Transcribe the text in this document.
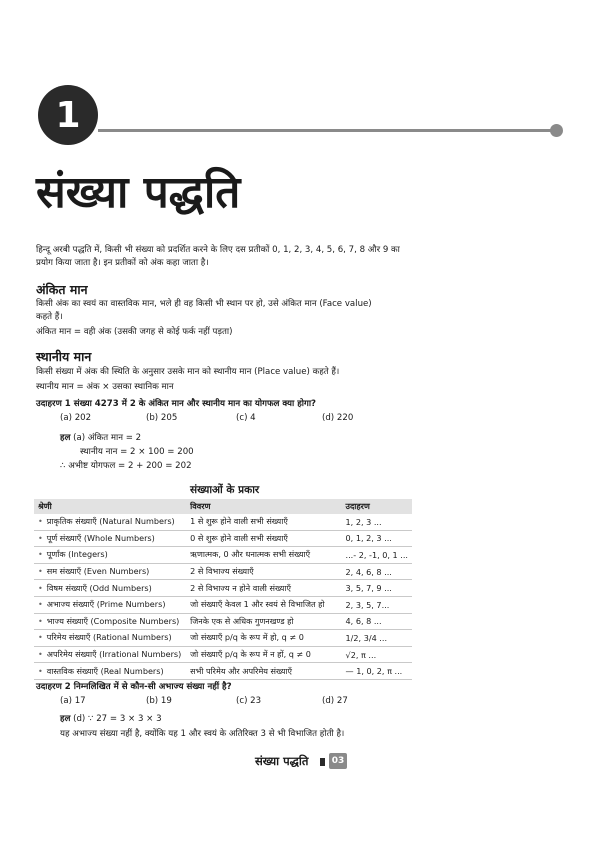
1
संख्या पद्धति
हिन्दू अरबी पद्धति में, किसी भी संख्या को प्रदर्शित करने के लिए दस प्रतीकों 0, 1, 2, 3, 4, 5, 6, 7, 8 और 9 का
प्रयोग किया जाता है। इन प्रतीकों को अंक कहा जाता है।
अंकित मान
किसी अंक का स्वयं का वास्तविक मान, भले ही वह किसी भी स्थान पर हो, उसे अंकित मान (Face value)
कहते हैं।
अंकित मान = वही अंक (उसकी जगह से कोई फर्क नहीं पड़ता)
स्थानीय मान
किसी संख्या में अंक की स्थिति के अनुसार उसके मान को स्थानीय मान (Place value) कहते हैं।
स्थानीय मान = अंक × उसका स्थानिक मान
उदाहरण 1 संख्या 4273 में 2 के अंकित मान और स्थानीय मान का योगफल क्या होगा?
(a) 202	(b) 205	(c) 4	(d) 220
हल (a) अंकित मान = 2
स्थानीय नान = 2 × 100 = 200
∴ अभीष्ट योगफल = 2 + 200 = 202
संख्याओं के प्रकार
श्रेणी	विवरण	उदाहरण
• प्राकृतिक संख्याएँ (Natural Numbers)	1 से शुरू होने वाली सभी संख्याएँ	1, 2, 3 ...
• पूर्ण संख्याएँ (Whole Numbers)	0 से शुरू होने वाली सभी संख्याएँ	0, 1, 2, 3 ...
• पूर्णांक (Integers)	ऋणात्मक, 0 और धनात्मक सभी संख्याएँ	...- 2, -1, 0, 1 ...
• सम संख्याएँ (Even Numbers)	2 से विभाज्य संख्याएँ	2, 4, 6, 8 ...
• विषम संख्याएँ (Odd Numbers)	2 से विभाज्य न होने वाली संख्याएँ	3, 5, 7, 9 ...
• अभाज्य संख्याएँ (Prime Numbers)	जो संख्याएँ केवल 1 और स्वयं से विभाजित हो	2, 3, 5, 7...
• भाज्य संख्याएँ (Composite Numbers)	जिनके एक से अधिक गुणनखण्ड हो	4, 6, 8 ...
• परिमेय संख्याएँ (Rational Numbers)	जो संख्याएँ p/q के रूप में हो, q ≠ 0	1/2, 3/4 ...
• अपरिमेय संख्याएँ (Irrational Numbers)	जो संख्याएँ p/q के रूप में न हों, q ≠ 0	√2, π ...
• वास्तविक संख्याएँ (Real Numbers)	सभी परिमेय और अपरिमेय संख्याएँ	— 1, 0, 2, π ...
उदाहरण 2 निम्नलिखित में से कौन-सी अभाज्य संख्या नहीं है?
(a) 17	(b) 19	(c) 23	(d) 27
हल (d) ∵ 27 = 3 × 3 × 3
यह अभाज्य संख्या नहीं है, क्योंकि यह 1 और स्वयं के अतिरिक्त 3 से भी विभाजित होती है।
संख्या पद्धति	03
